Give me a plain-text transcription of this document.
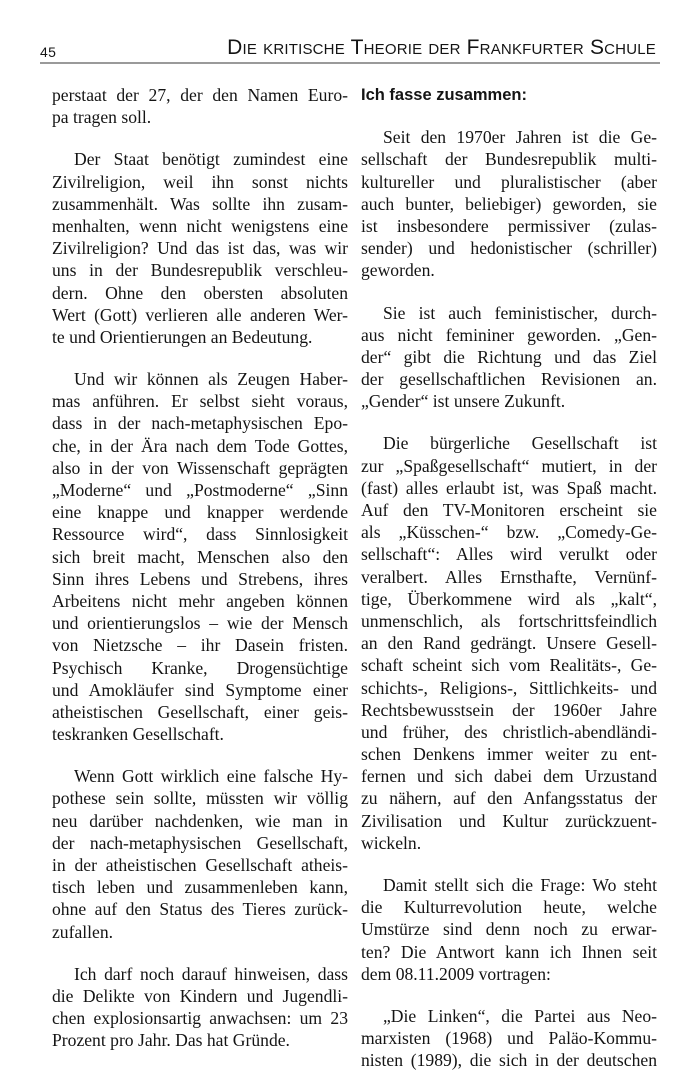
45	Die kritische Theorie der Frankfurter Schule
perstaat der 27, der den Namen Euro-
pa tragen soll.
Der Staat benötigt zumindest eine
Zivilreligion, weil ihn sonst nichts
zusammenhält. Was sollte ihn zusam-
menhalten, wenn nicht wenigstens eine
Zivilreligion? Und das ist das, was wir
uns in der Bundesrepublik verschleu-
dern. Ohne den obersten absoluten
Wert (Gott) verlieren alle anderen Wer-
te und Orientierungen an Bedeutung.
Und wir können als Zeugen Haber-
mas anführen. Er selbst sieht voraus,
dass in der nach-metaphysischen Epo-
che, in der Ära nach dem Tode Gottes,
also in der von Wissenschaft geprägten
„Moderne“ und „Postmoderne“ „Sinn
eine knappe und knapper werdende
Ressource wird“, dass Sinnlosigkeit
sich breit macht, Menschen also den
Sinn ihres Lebens und Strebens, ihres
Arbeitens nicht mehr angeben können
und orientierungslos – wie der Mensch
von Nietzsche – ihr Dasein fristen.
Psychisch Kranke, Drogensüchtige
und Amokläufer sind Symptome einer
atheistischen Gesellschaft, einer geis-
teskranken Gesellschaft.
Wenn Gott wirklich eine falsche Hy-
pothese sein sollte, müssten wir völlig
neu darüber nachdenken, wie man in
der nach-metaphysischen Gesellschaft,
in der atheistischen Gesellschaft atheis-
tisch leben und zusammenleben kann,
ohne auf den Status des Tieres zurück-
zufallen.
Ich darf noch darauf hinweisen, dass
die Delikte von Kindern und Jugendli-
chen explosionsartig anwachsen: um 23
Prozent pro Jahr. Das hat Gründe.
Ich fasse zusammen:
Seit den 1970er Jahren ist die Ge-
sellschaft der Bundesrepublik multi-
kultureller und pluralistischer (aber
auch bunter, beliebiger) geworden, sie
ist insbesondere permissiver (zulas-
sender) und hedonistischer (schriller)
geworden.
Sie ist auch feministischer, durch-
aus nicht femininer geworden. „Gen-
der“ gibt die Richtung und das Ziel
der gesellschaftlichen Revisionen an.
„Gender“ ist unsere Zukunft.
Die bürgerliche Gesellschaft ist
zur „Spaßgesellschaft“ mutiert, in der
(fast) alles erlaubt ist, was Spaß macht.
Auf den TV-Monitoren erscheint sie
als „Küsschen-“ bzw. „Comedy-Ge-
sellschaft“: Alles wird verulkt oder
veralbert. Alles Ernsthafte, Vernünf-
tige, Überkommene wird als „kalt“,
unmenschlich, als fortschrittsfeindlich
an den Rand gedrängt. Unsere Gesell-
schaft scheint sich vom Realitäts-, Ge-
schichts-, Religions-, Sittlichkeits- und
Rechtsbewusstsein der 1960er Jahre
und früher, des christlich-abendländi-
schen Denkens immer weiter zu ent-
fernen und sich dabei dem Urzustand
zu nähern, auf den Anfangsstatus der
Zivilisation und Kultur zurückzuent-
wickeln.
Damit stellt sich die Frage: Wo steht
die Kulturrevolution heute, welche
Umstürze sind denn noch zu erwar-
ten? Die Antwort kann ich Ihnen seit
dem 08.11.2009 vortragen:
„Die Linken“, die Partei aus Neo-
marxisten (1968) und Paläo-Kommu-
nisten (1989), die sich in der deutschen
